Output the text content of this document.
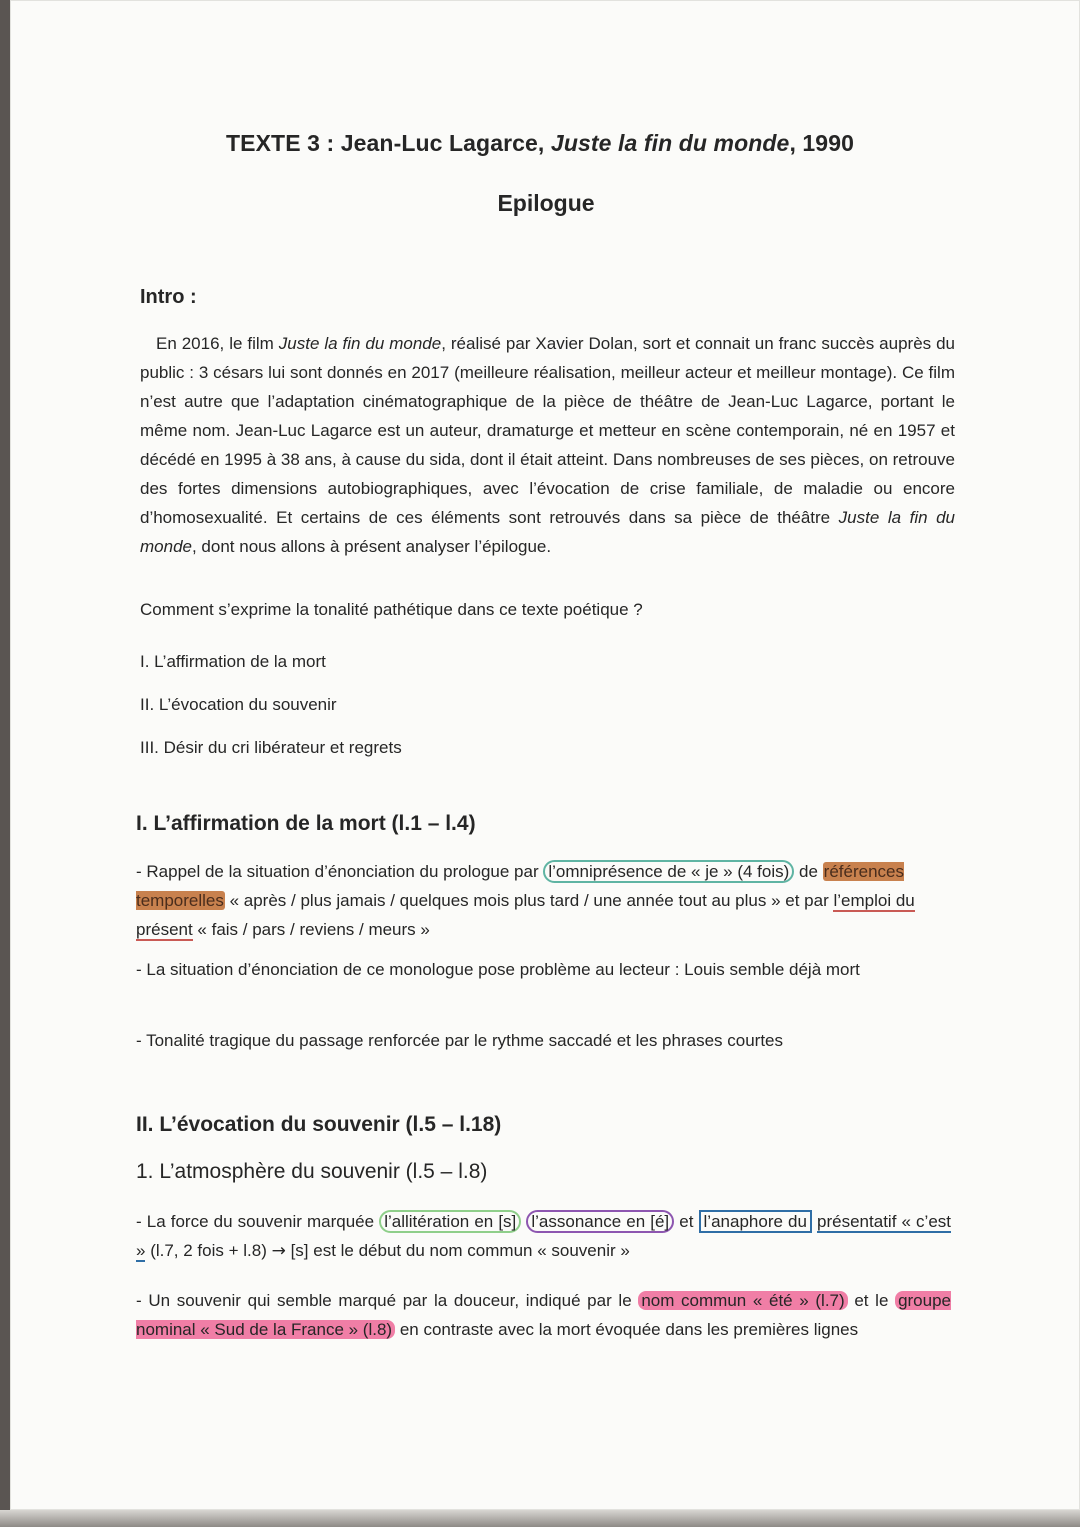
TEXTE 3 : Jean-Luc Lagarce, Juste la fin du monde, 1990
Epilogue
Intro :
En 2016, le film Juste la fin du monde, réalisé par Xavier Dolan, sort et connait un franc succès auprès du public : 3 césars lui sont donnés en 2017 (meilleure réalisation, meilleur acteur et meilleur montage). Ce film n’est autre que l’adaptation cinématographique de la pièce de théâtre de Jean-Luc Lagarce, portant le même nom. Jean-Luc Lagarce est un auteur, dramaturge et metteur en scène contemporain, né en 1957 et décédé en 1995 à 38 ans, à cause du sida, dont il était atteint. Dans nombreuses de ses pièces, on retrouve des fortes dimensions autobiographiques, avec l’évocation de crise familiale, de maladie ou encore d’homosexualité. Et certains de ces éléments sont retrouvés dans sa pièce de théâtre Juste la fin du monde, dont nous allons à présent analyser l’épilogue.
Comment s’exprime la tonalité pathétique dans ce texte poétique ?
I. L’affirmation de la mort
II. L’évocation du souvenir
III. Désir du cri libérateur et regrets
I. L’affirmation de la mort (l.1 – l.4)
- Rappel de la situation d’énonciation du prologue par l’omniprésence de « je » (4 fois) de références temporelles « après / plus jamais / quelques mois plus tard / une année tout au plus » et par l’emploi du présent « fais / pars / reviens / meurs »
- La situation d’énonciation de ce monologue pose problème au lecteur : Louis semble déjà mort
- Tonalité tragique du passage renforcée par le rythme saccadé et les phrases courtes
II. L’évocation du souvenir (l.5 – l.18)
1. L’atmosphère du souvenir (l.5 – l.8)
- La force du souvenir marquée l’allitération en [s] l’assonance en [é] et l’anaphore du présentatif « c’est » (l.7, 2 fois + l.8) → [s] est le début du nom commun « souvenir »
- Un souvenir qui semble marqué par la douceur, indiqué par le nom commun « été » (l.7) et le groupe nominal « Sud de la France » (l.8) en contraste avec la mort évoquée dans les premières lignes
